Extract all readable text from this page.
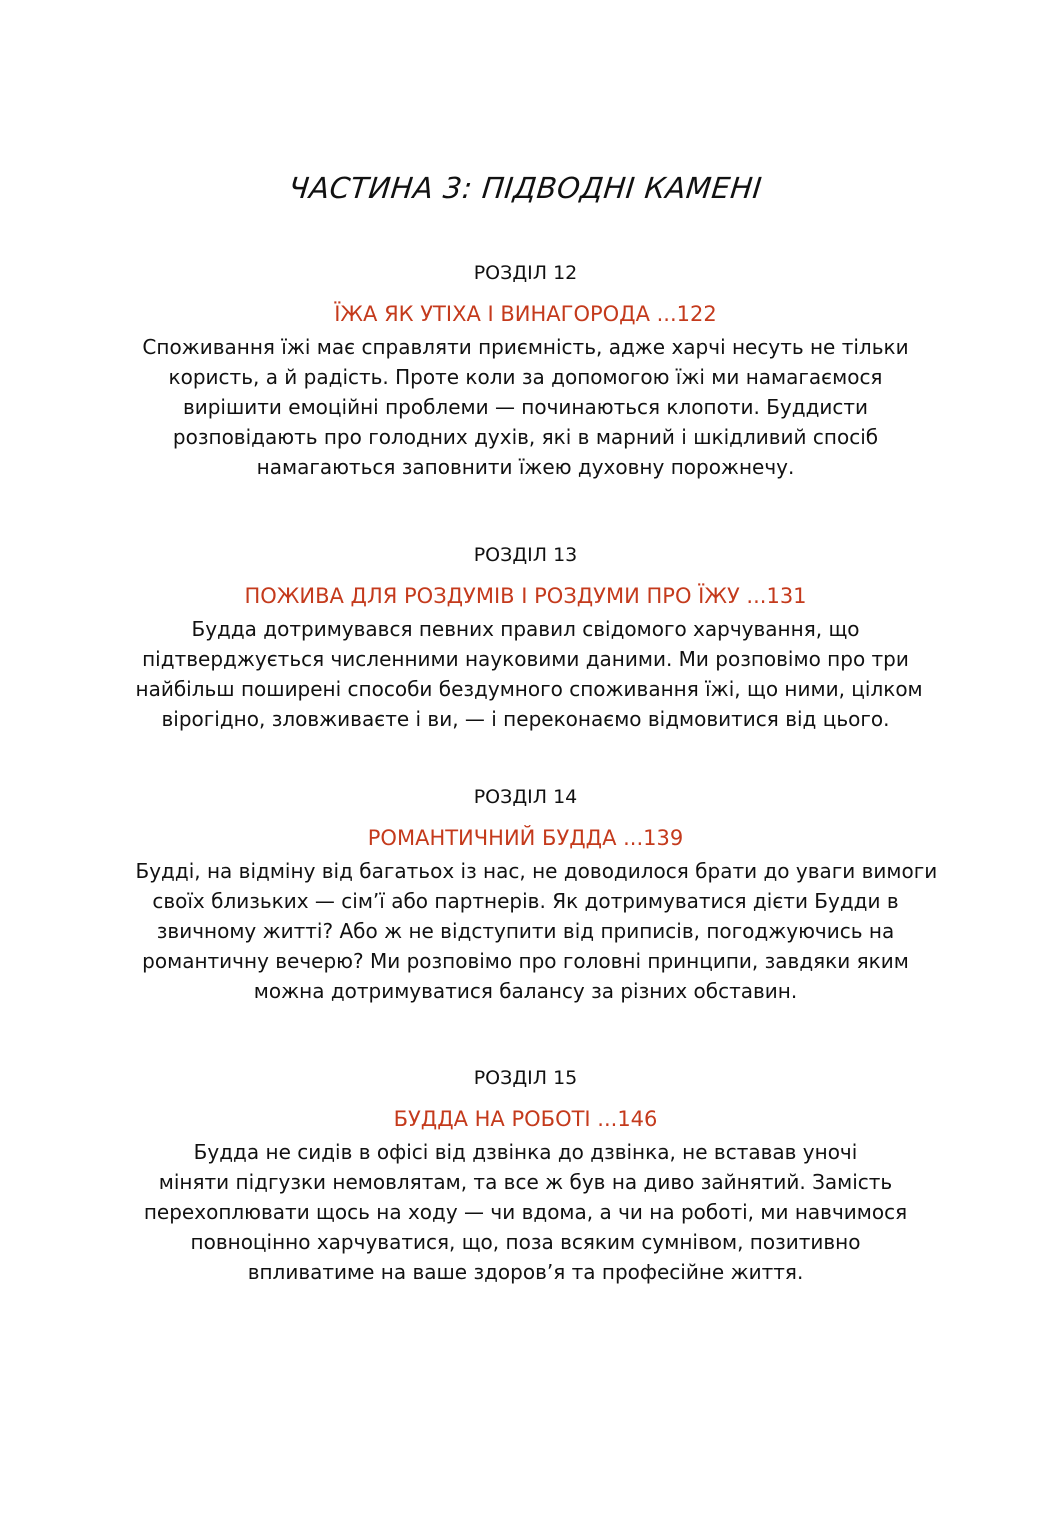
ЧАСТИНА 3: ПІДВОДНІ КАМЕНІ
РОЗДІЛ 12
ЇЖА ЯК УТІХА І ВИНАГОРОДА ...122
Споживання їжі має справляти приємність, адже харчі несуть не тільки
користь, а й радість. Проте коли за допомогою їжі ми намагаємося
вирішити емоційні проблеми — починаються клопоти. Буддисти
розповідають про голодних духів, які в марний і шкідливий спосіб
намагаються заповнити їжею духовну порожнечу.
РОЗДІЛ 13
ПОЖИВА ДЛЯ РОЗДУМІВ І РОЗДУМИ ПРО ЇЖУ ...131
Будда дотримувався певних правил свідомого харчування, що
підтверджується численними науковими даними. Ми розповімо про три
найбільш поширені способи бездумного споживання їжі, що ними, цілком
вірогідно, зловживаєте і ви, — і переконаємо відмовитися від цього.
РОЗДІЛ 14
РОМАНТИЧНИЙ БУДДА ...139
Будді, на відміну від багатьох із нас, не доводилося брати до уваги вимоги
своїх близьких — сім’ї або партнерів. Як дотримуватися дієти Будди в
звичному житті? Або ж не відступити від приписів, погоджуючись на
романтичну вечерю? Ми розповімо про головні принципи, завдяки яким
можна дотримуватися балансу за різних обставин.
РОЗДІЛ 15
БУДДА НА РОБОТІ ...146
Будда не сидів в офісі від дзвінка до дзвінка, не вставав уночі
міняти підгузки немовлятам, та все ж був на диво зайнятий. Замість
перехоплювати щось на ходу — чи вдома, а чи на роботі, ми навчимося
повноцінно харчуватися, що, поза всяким сумнівом, позитивно
впливатиме на ваше здоров’я та професійне життя.
